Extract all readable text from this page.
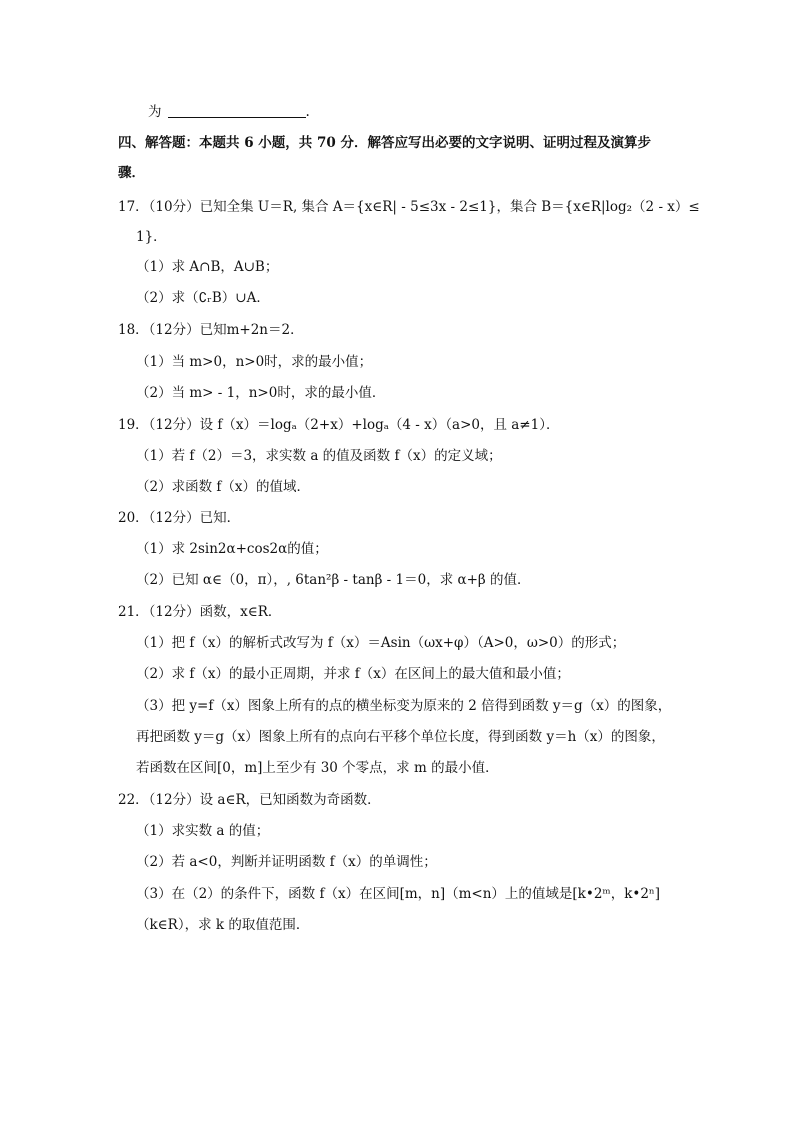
为	.
四、解答题：本题共 6 小题，共 70 分．解答应写出必要的文字说明、证明过程及演算步
骤．
17．（10分）已知全集 U＝R, 集合 A＝{x∈R| - 5≤3x - 2≤1}，集合 B＝{x∈R|log₂（2 - x）≤
1}．
（1）求 A∩B，A∪B；
（2）求（∁ᵣB）∪A．
18．（12分）已知m+2n＝2．
（1）当 m>0，n>0时，求的最小值；
（2）当 m> - 1，n>0时，求的最小值．
19．（12分）设 f（x）＝logₐ（2+x）+logₐ（4 - x）（a>0，且 a≠1）．
（1）若 f（2）＝3，求实数 a 的值及函数 f（x）的定义域；
（2）求函数 f（x）的值域．
20．（12分）已知．
（1）求 2sin2α+cos2α的值；
（2）已知 α∈（0，π），, 6tan²β - tanβ - 1＝0，求 α+β 的值．
21．（12分）函数，x∈R．
（1）把 f（x）的解析式改写为 f（x）＝Asin（ωx+φ）（A>0，ω>0）的形式；
（2）求 f（x）的最小正周期，并求 f（x）在区间上的最大值和最小值；
（3）把 y=f（x）图象上所有的点的横坐标变为原来的 2 倍得到函数 y＝g（x）的图象，
再把函数 y＝g（x）图象上所有的点向右平移个单位长度，得到函数 y＝h（x）的图象，
若函数在区间[0，m]上至少有 30 个零点，求 m 的最小值．
22．（12分）设 a∈R，已知函数为奇函数．
（1）求实数 a 的值；
（2）若 a<0，判断并证明函数 f（x）的单调性；
（3）在（2）的条件下，函数 f（x）在区间[m，n]（m<n）上的值域是[k•2ᵐ，k•2ⁿ]
（k∈R），求 k 的取值范围．
